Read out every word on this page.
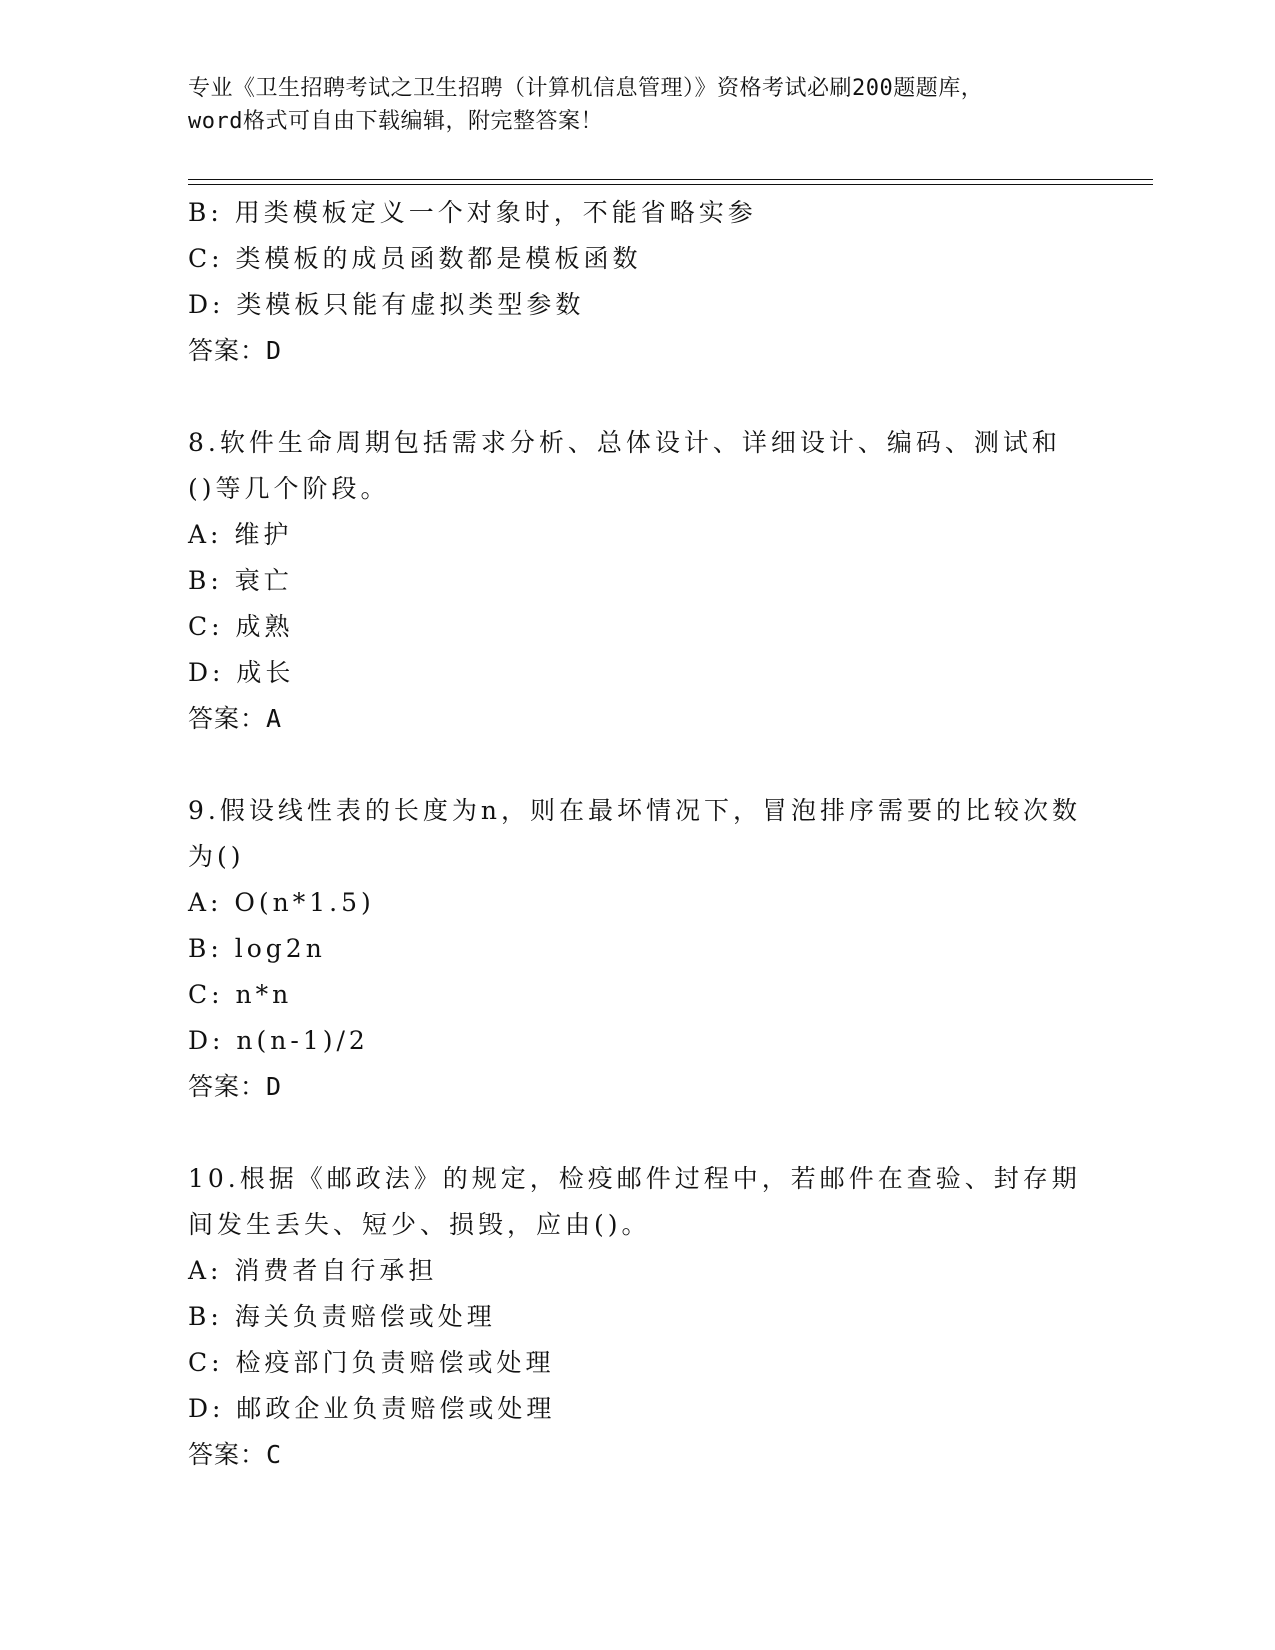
专业《卫生招聘考试之卫生招聘（计算机信息管理）》资格考试必刷200题题库，
word格式可自由下载编辑，附完整答案！
B: 用类模板定义一个对象时，不能省略实参
C: 类模板的成员函数都是模板函数
D: 类模板只能有虚拟类型参数
答案：D
8.软件生命周期包括需求分析、总体设计、详细设计、编码、测试和
()等几个阶段。
A: 维护
B: 衰亡
C: 成熟
D: 成长
答案：A
9.假设线性表的长度为n，则在最坏情况下，冒泡排序需要的比较次数
为()
A: O(n*1.5)
B: log2n
C: n*n
D: n(n-1)/2
答案：D
10.根据《邮政法》的规定，检疫邮件过程中，若邮件在查验、封存期
间发生丢失、短少、损毁，应由()。
A: 消费者自行承担
B: 海关负责赔偿或处理
C: 检疫部门负责赔偿或处理
D: 邮政企业负责赔偿或处理
答案：C
